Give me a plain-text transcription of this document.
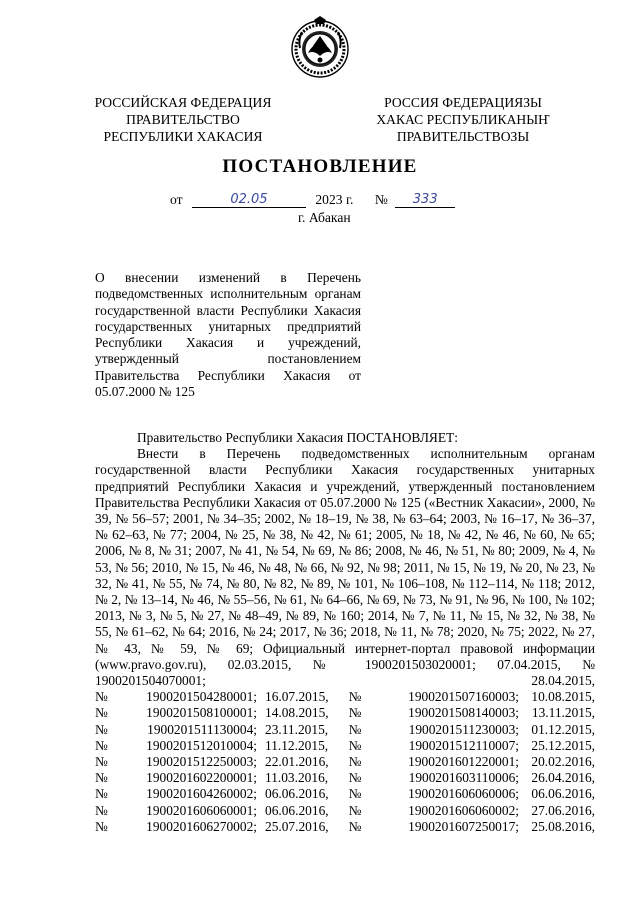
РОССИЙСКАЯ ФЕДЕРАЦИЯ
ПРАВИТЕЛЬСТВО
РЕСПУБЛИКИ ХАКАСИЯ
РОССИЯ ФЕДЕРАЦИЯЗЫ
ХАКАС РЕСПУБЛИКАНЫҤ
ПРАВИТЕЛЬСТВОЗЫ
ПОСТАНОВЛЕНИЕ
от	02.05	2023 г. № 333
г. Абакан

О внесении изменений в Перечень подведомственных исполнительным органам государственной власти Республики Хакасия государственных унитарных предприятий Республики Хакасия и учреждений, утвержденный постановлением Правительства Республики Хакасия от 05.07.2000 № 125

Правительство Республики Хакасия ПОСТАНОВЛЯЕТ:

Внести в Перечень подведомственных исполнительным органам государственной власти Республики Хакасия государственных унитарных предприятий Республики Хакасия и учреждений, утвержденный постановлением Правительства Республики Хакасия от 05.07.2000 № 125 («Вестник Хакасии», 2000, № 39, № 56–57; 2001, № 34–35; 2002, № 18–19, № 38, № 63–64; 2003, № 16–17, № 36–37, № 62–63, № 77; 2004, № 25, № 38, № 42, № 61; 2005, № 18, № 42, № 46, № 60, № 65; 2006, № 8, № 31; 2007, № 41, № 54, № 69, № 86; 2008, № 46, № 51, № 80; 2009, № 4, № 53, № 56; 2010, № 15, № 46, № 48, № 66, № 92, № 98; 2011, № 15, № 19, № 20, № 23, № 32, № 41, № 55, № 74, № 80, № 82, № 89, № 101, № 106–108, № 112–114, № 118; 2012, № 2, № 13–14, № 46, № 55–56, № 61, № 64–66, № 69, № 73, № 91, № 96, № 100, № 102; 2013, № 3, № 5, № 27, № 48–49, № 89, № 160; 2014, № 7, № 11, № 15, № 32, № 38, № 55, № 61–62, № 64; 2016, № 24; 2017, № 36; 2018, № 11, № 78; 2020, № 75; 2022, № 27, № 43, № 59, № 69; Официальный интернет-портал правовой информации (www.pravo.gov.ru), 02.03.2015, № 1900201503020001; 07.04.2015, № 1900201504070001; 28.04.2015,

№	1900201504280001;	16.07.2015,	№	1900201507160003;	10.08.2015,
№	1900201508100001;	14.08.2015,	№	1900201508140003;	13.11.2015,
№	1900201511130004;	23.11.2015,	№	1900201511230003;	01.12.2015,
№	1900201512010004;	11.12.2015,	№	1900201512110007;	25.12.2015,
№	1900201512250003;	22.01.2016,	№	1900201601220001;	20.02.2016,
№	1900201602200001;	11.03.2016,	№	1900201603110006;	26.04.2016,
№	1900201604260002;	06.06.2016,	№	1900201606060006;	06.06.2016,
№	1900201606060001;	06.06.2016,	№	1900201606060002;	27.06.2016,
№	1900201606270002;	25.07.2016,	№	1900201607250017;	25.08.2016,
